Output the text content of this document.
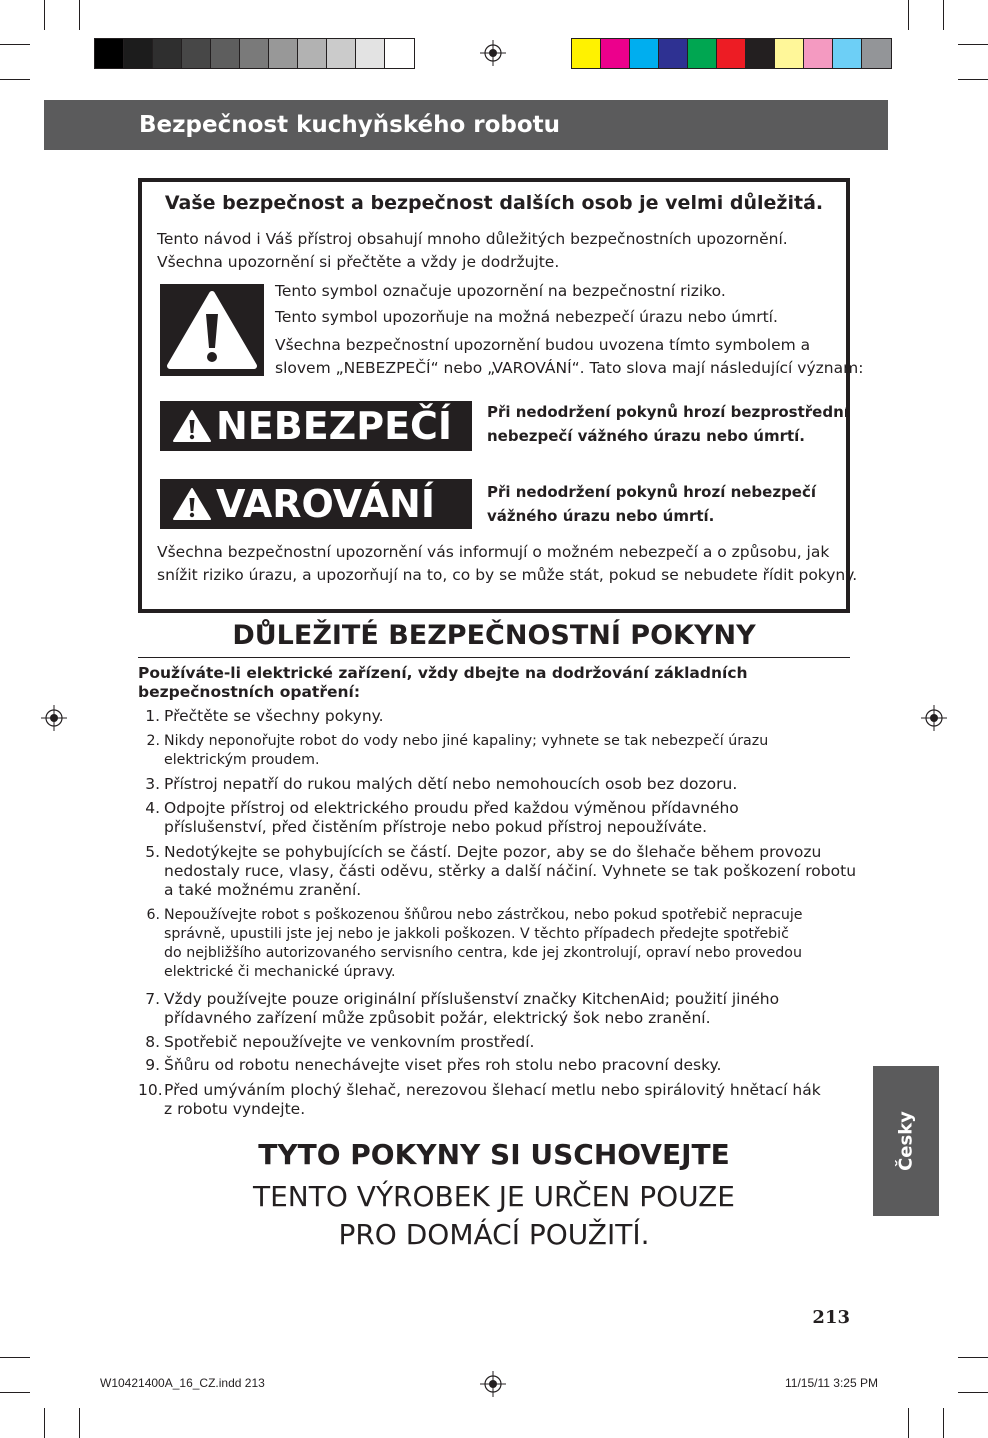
Bezpečnost kuchyňského robotu
Vaše bezpečnost a bezpečnost dalších osob je velmi důležitá.
Tento návod i Váš přístroj obsahují mnoho důležitých bezpečnostních upozornění.
Všechna upozornění si přečtěte a vždy je dodržujte.
Tento symbol označuje upozornění na bezpečnostní riziko.
Tento symbol upozorňuje na možná nebezpečí úrazu nebo úmrtí.
Všechna bezpečnostní upozornění budou uvozena tímto symbolem a
slovem „NEBEZPEČÍ“ nebo „VAROVÁNÍ“. Tato slova mají následující význam:
NEBEZPEČÍ Při nedodržení pokynů hrozí bezprostřední
nebezpečí vážného úrazu nebo úmrtí.
VAROVÁNÍ	Při nedodržení pokynů hrozí nebezpečí
vážného úrazu nebo úmrtí.
Všechna bezpečnostní upozornění vás informují o možném nebezpečí a o způsobu, jak
snížit riziko úrazu, a upozorňují na to, co by se může stát, pokud se nebudete řídit pokyny.
DŮLEŽITÉ BEZPEČNOSTNÍ POKYNY
Používáte-li elektrické zařízení, vždy dbejte na dodržování základních
bezpečnostních opatření:
1. Přečtěte se všechny pokyny.
2. Nikdy neponořujte robot do vody nebo jiné kapaliny; vyhnete se tak nebezpečí úrazu
elektrickým proudem.
3. Přístroj nepatří do rukou malých dětí nebo nemohoucích osob bez dozoru.
4. Odpojte přístroj od elektrického proudu před každou výměnou přídavného
příslušenství, před čistěním přístroje nebo pokud přístroj nepoužíváte.
5. Nedotýkejte se pohybujících se částí. Dejte pozor, aby se do šlehače během provozu
nedostaly ruce, vlasy, části oděvu, stěrky a další náčiní. Vyhnete se tak poškození robotu
a také možnému zranění.
6. Nepoužívejte robot s poškozenou šňůrou nebo zástrčkou, nebo pokud spotřebič nepracuje
správně, upustili jste jej nebo je jakkoli poškozen. V těchto případech předejte spotřebič
do nejbližšího autorizovaného servisního centra, kde jej zkontrolují, opraví nebo provedou
elektrické či mechanické úpravy.
7. Vždy používejte pouze originální příslušenství značky KitchenAid; použití jiného
přídavného zařízení může způsobit požár, elektrický šok nebo zranění.
8. Spotřebič nepoužívejte ve venkovním prostředí.
9. Šňůru od robotu nenechávejte viset přes roh stolu nebo pracovní desky.
10. Před umýváním plochý šlehač, nerezovou šlehací metlu nebo spirálovitý hnětací hák
z robotu vyndejte.
TYTO POKYNY SI USCHOVEJTE
TENTO VÝROBEK JE URČEN POUZE
PRO DOMÁCÍ POUŽITÍ.
Česky
213
W10421400A_16_CZ.indd 213	11/15/11 3:25 PM
